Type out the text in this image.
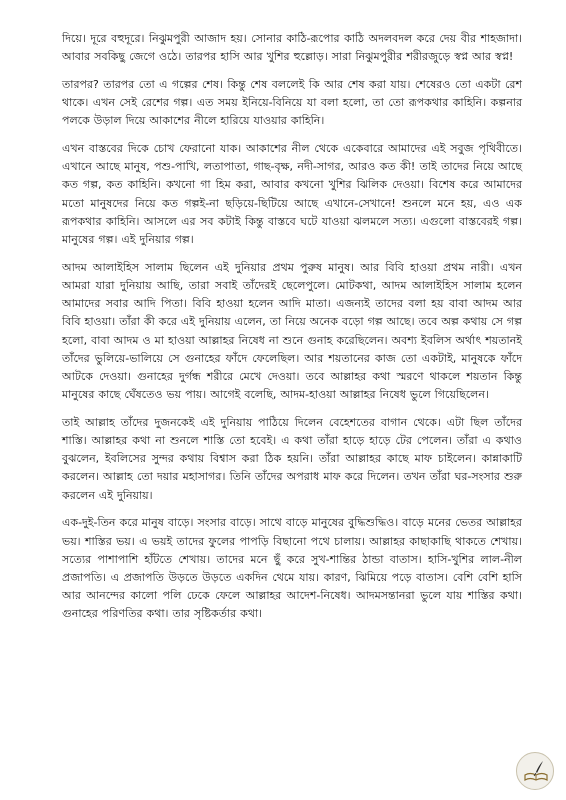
দিয়ে। দূরে বহুদূরে। নিঝুমপুরী আজাদ হয়। সোনার কাঠি-রূপোর কাঠি অদলবদল করে দেয় বীর শাহজাদা। আবার সবকিছু জেগে ওঠে। তারপর হাসি আর খুশির হুল্লোড়। সারা নিঝুমপুরীর শরীরজুড়ে স্বপ্ন আর স্বপ্ন!

তারপর? তারপর তো এ গল্পের শেষ। কিন্তু শেষ বললেই কি আর শেষ করা যায়। শেষেরও তো একটা রেশ থাকে। এখন সেই রেশের গল্প। এত সময় ইনিয়ে-বিনিয়ে যা বলা হলো, তা তো রূপকথার কাহিনি। কল্পনার পলকে উড়াল দিয়ে আকাশের নীলে হারিয়ে যাওয়ার কাহিনি।

এখন বাস্তবের দিকে চোখ ফেরানো যাক। আকাশের নীল থেকে একেবারে আমাদের এই সবুজ পৃথিবীতে। এখানে আছে মানুষ, পশু-পাখি, লতাপাতা, গাছ-বৃক্ষ, নদী-সাগর, আরও কত কী! তাই তাদের নিয়ে আছে কত গল্প, কত কাহিনি। কখনো গা হিম করা, আবার কখনো খুশির ঝিলিক দেওয়া। বিশেষ করে আমাদের মতো মানুষদের নিয়ে কত গল্পই-না ছড়িয়ে-ছিটিয়ে আছে এখানে-সেখানে! শুনলে মনে হয়, এও এক রূপকথার কাহিনি। আসলে এর সব কটাই কিন্তু বাস্তবে ঘটে যাওয়া ঝলমলে সত্য। এগুলো বাস্তবেরই গল্প। মানুষের গল্প। এই দুনিয়ার গল্প।

আদম আলাইহিস সালাম ছিলেন এই দুনিয়ার প্রথম পুরুষ মানুষ। আর বিবি হাওয়া প্রথম নারী। এখন আমরা যারা দুনিয়ায় আছি, তারা সবাই তাঁদেরই ছেলেপুলে। মোটকথা, আদম আলাইহিস সালাম হলেন আমাদের সবার আদি পিতা। বিবি হাওয়া হলেন আদি মাতা। এজন্যই তাদের বলা হয় বাবা আদম আর বিবি হাওয়া। তাঁরা কী করে এই দুনিয়ায় এলেন, তা নিয়ে অনেক বড়ো গল্প আছে। তবে অল্প কথায় সে গল্প হলো, বাবা আদম ও মা হাওয়া আল্লাহর নিষেধ না শুনে গুনাহ করেছিলেন। অবশ্য ইবলিস অর্থাৎ শয়তানই তাঁদের ভুলিয়ে-ভালিয়ে সে গুনাহের ফাঁদে ফেলেছিল। আর শয়তানের কাজ তো একটাই, মানুষকে ফাঁদে আটকে দেওয়া। গুনাহের দুর্গন্ধ শরীরে মেখে দেওয়া। তবে আল্লাহর কথা স্মরণে থাকলে শয়তান কিন্তু মানুষের কাছে ঘেঁষতেও ভয় পায়। আগেই বলেছি, আদম-হাওয়া আল্লাহর নিষেধ ভুলে গিয়েছিলেন।

তাই আল্লাহ তাঁদের দুজনকেই এই দুনিয়ায় পাঠিয়ে দিলেন বেহেশতের বাগান থেকে। এটা ছিল তাঁদের শাস্তি। আল্লাহর কথা না শুনলে শাস্তি তো হবেই। এ কথা তাঁরা হাড়ে হাড়ে টের পেলেন। তাঁরা এ কথাও বুঝলেন, ইবলিসের সুন্দর কথায় বিশ্বাস করা ঠিক হয়নি। তাঁরা আল্লাহর কাছে মাফ চাইলেন। কান্নাকাটি করলেন। আল্লাহ তো দয়ার মহাসাগর। তিনি তাঁদের অপরাধ মাফ করে দিলেন। তখন তাঁরা ঘর-সংসার শুরু করলেন এই দুনিয়ায়।

এক-দুই-তিন করে মানুষ বাড়ে। সংসার বাড়ে। সাথে বাড়ে মানুষের বুদ্ধিশুদ্ধিও। বাড়ে মনের ভেতর আল্লাহর ভয়। শাস্তির ভয়। এ ভয়ই তাদের ফুলের পাপড়ি বিছানো পথে চালায়। আল্লাহর কাছাকাছি থাকতে শেখায়। সত্যের পাশাপাশি হাঁটতে শেখায়। তাদের মনে ছুঁ করে সুখ-শান্তির ঠান্ডা বাতাস। হাসি-খুশির লাল-নীল প্রজাপতি। এ প্রজাপতি উড়তে উড়তে একদিন থেমে যায়। কারণ, ঝিমিয়ে পড়ে বাতাস। বেশি বেশি হাসি আর আনন্দের কালো পলি ঢেকে ফেলে আল্লাহর আদেশ-নিষেধ। আদমসন্তানরা ভুলে যায় শাস্তির কথা। গুনাহের পরিণতির কথা। তার সৃষ্টিকর্তার কথা।
